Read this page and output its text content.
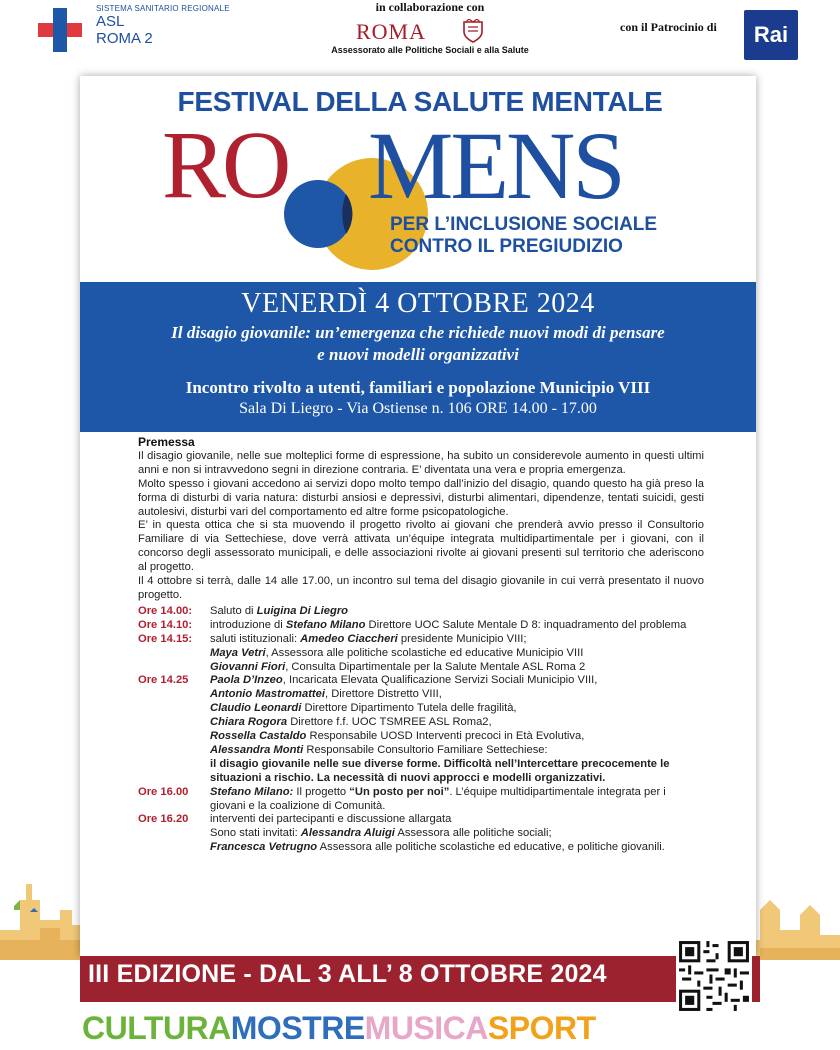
SISTEMA SANITARIO REGIONALE
ASL
ROMA 2
in collaborazione con
ROMA
Assessorato alle Politiche Sociali e alla Salute
con il Patrocinio di	Rai
FESTIVAL DELLA SALUTE MENTALE
RO MENS
PER L’INCLUSIONE SOCIALE
CONTRO IL PREGIUDIZIO
VENERDÌ 4 OTTOBRE 2024
Il disagio giovanile: un’emergenza che richiede nuovi modi di pensare
e nuovi modelli organizzativi
Incontro rivolto a utenti, familiari e popolazione Municipio VIII
Sala Di Liegro - Via Ostiense n. 106 ORE 14.00 - 17.00
Premessa
Il disagio giovanile, nelle sue molteplici forme di espressione, ha subito un considerevole aumento in questi ultimi anni e non si intravvedono segni in direzione contraria. E’ diventata una vera e propria emergenza.
Molto spesso i giovani accedono ai servizi dopo molto tempo dall’inizio del disagio, quando questo ha già preso la forma di disturbi di varia natura: disturbi ansiosi e depressivi, disturbi alimentari, dipendenze, tentati suicidi, gesti autolesivi, disturbi vari del comportamento ed altre forme psicopatologiche.
E’ in questa ottica che si sta muovendo il progetto rivolto ai giovani che prenderà avvio presso il Consultorio Familiare di via Settechiese, dove verrà attivata un’équipe integrata multidipartimentale per i giovani, con il concorso degli assessorato municipali, e delle associazioni rivolte ai giovani presenti sul territorio che aderiscono al progetto.
Il 4 ottobre si terrà, dalle 14 alle 17.00, un incontro sul tema del disagio giovanile in cui verrà presentato il nuovo progetto.
Ore 14.00:	Saluto di Luigina Di Liegro
Ore 14.10:	introduzione di Stefano Milano Direttore UOC Salute Mentale D 8: inquadramento del problema
Ore 14.15:	saluti istituzionali: Amedeo Ciaccheri presidente Municipio VIII;
Maya Vetri, Assessora alle politiche scolastiche ed educative Municipio VIII
Giovanni Fiori, Consulta Dipartimentale per la Salute Mentale ASL Roma 2
Ore 14.25	Paola D’Inzeo, Incaricata Elevata Qualificazione Servizi Sociali Municipio VIII,
Antonio Mastromattei, Direttore Distretto VIII,
Claudio Leonardi Direttore Dipartimento Tutela delle fragilità,
Chiara Rogora Direttore f.f. UOC TSMREE ASL Roma2,
Rossella Castaldo Responsabile UOSD Interventi precoci in Età Evolutiva,
Alessandra Monti Responsabile Consultorio Familiare Settechiese:
il disagio giovanile nelle sue diverse forme. Difficoltà nell’Intercettare precocemente le situazioni a rischio. La necessità di nuovi approcci e modelli organizzativi.
Ore 16.00	Stefano Milano: Il progetto “Un posto per noi”. L’équipe multidipartimentale integrata per i giovani e la coalizione di Comunità.
Ore 16.20	interventi dei partecipanti e discussione allargata
Sono stati invitati: Alessandra Aluigi Assessora alle politiche sociali;
Francesca Vetrugno Assessora alle politiche scolastiche ed educative, e politiche giovanili.
III EDIZIONE - DAL 3 ALL’ 8 OTTOBRE 2024
CULTURAMOSTREMUSICASPORT
